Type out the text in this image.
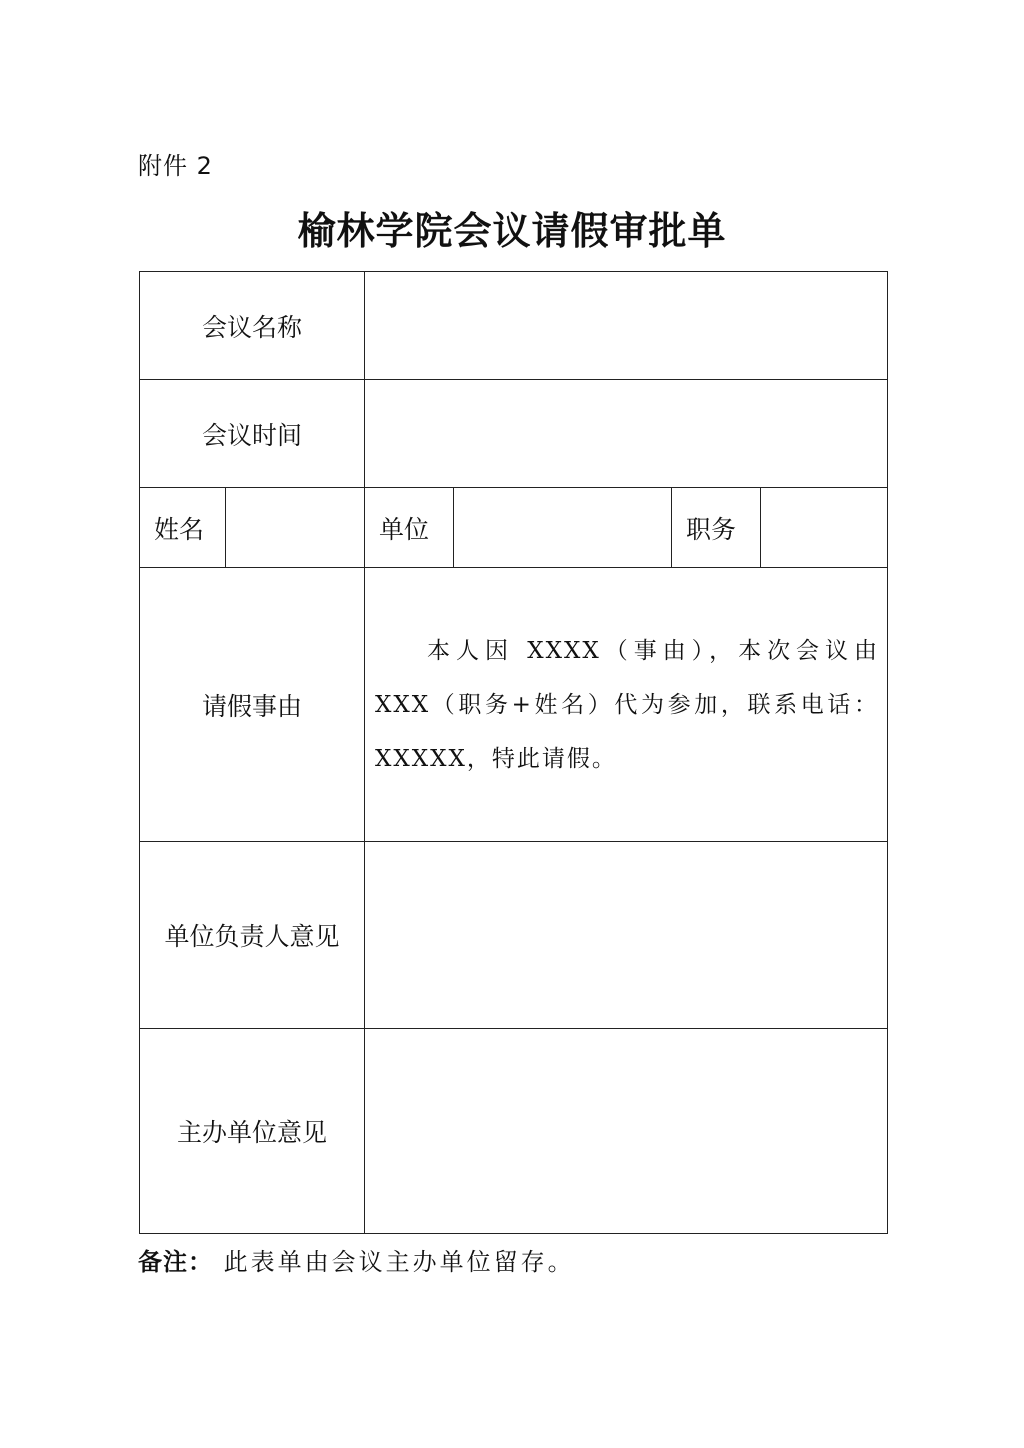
附件 2
榆林学院会议请假审批单
会议名称					
会议时间					
姓名		单位		职务	
请假事由		本人因 XXXX（事由），本次会议由 XXX（职务+姓名）代为参加，联系电话：XXXXX，特此请假。			

单位负责人意见					
主办单位意见					
备注： 此表单由会议主办单位留存。
